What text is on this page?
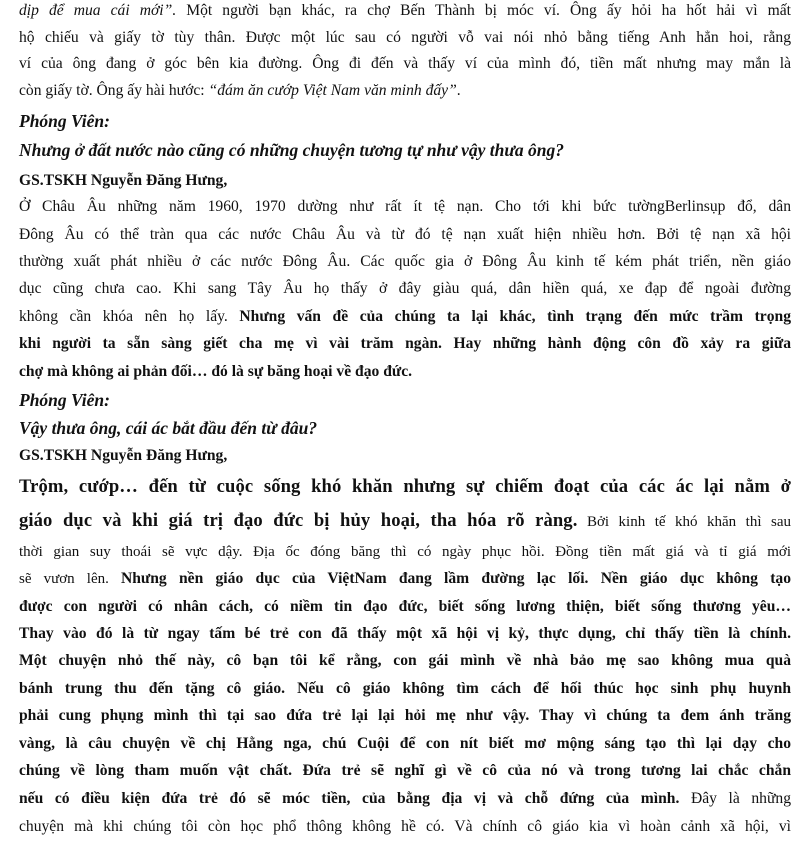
dịp để mua cái mới”. Một người bạn khác, ra chợ Bến Thành bị móc ví. Ông ấy hỏi ha hốt hải vì mất
hộ chiếu và giấy tờ tùy thân. Được một lúc sau có người vỗ vai nói nhỏ bằng tiếng Anh hẳn hoi, rằng
ví của ông đang ở góc bên kia đường. Ông đi đến và thấy ví của mình đó, tiền mất nhưng may mắn là
còn giấy tờ. Ông ấy hài hước: “đám ăn cướp Việt Nam văn minh đấy”.
Phóng Viên:
Nhưng ở đất nước nào cũng có những chuyện tương tự như vậy thưa ông?
GS.TSKH Nguyễn Đăng Hưng,
Ở Châu Âu những năm 1960, 1970 dường như rất ít tệ nạn. Cho tới khi bức tườngBerlinsụp đổ, dân
Đông Âu có thể tràn qua các nước Châu Âu và từ đó tệ nạn xuất hiện nhiều hơn. Bởi tệ nạn xã hội
thường xuất phát nhiều ở các nước Đông Âu. Các quốc gia ở Đông Âu kinh tế kém phát triển, nền giáo
dục cũng chưa cao. Khi sang Tây Âu họ thấy ở đây giàu quá, dân hiền quá, xe đạp để ngoài đường
không cần khóa nên họ lấy. Nhưng vấn đề của chúng ta lại khác, tình trạng đến mức trầm trọng
khi người ta sẵn sàng giết cha mẹ vì vài trăm ngàn. Hay những hành động côn đồ xảy ra giữa
chợ mà không ai phản đối… đó là sự băng hoại về đạo đức.
Phóng Viên:
Vậy thưa ông, cái ác bắt đầu đến từ đâu?
GS.TSKH Nguyễn Đăng Hưng,
Trộm, cướp… đến từ cuộc sống khó khăn nhưng sự chiếm đoạt của các ác lại nằm ở
giáo dục và khi giá trị đạo đức bị hủy hoại, tha hóa rõ ràng. Bởi kinh tế khó khăn thì sau
thời gian suy thoái sẽ vực dậy. Địa ốc đóng băng thì có ngày phục hồi. Đồng tiền mất giá và tỉ giá mới
sẽ vươn lên. Nhưng nền giáo dục của ViệtNam đang lầm đường lạc lối. Nền giáo dục không tạo
được con người có nhân cách, có niềm tin đạo đức, biết sống lương thiện, biết sống thương yêu…
Thay vào đó là từ ngay tấm bé trẻ con đã thấy một xã hội vị kỷ, thực dụng, chỉ thấy tiền là chính.
Một chuyện nhỏ thế này, cô bạn tôi kể rằng, con gái mình về nhà bảo mẹ sao không mua quà
bánh trung thu đến tặng cô giáo. Nếu cô giáo không tìm cách để hối thúc học sinh phụ huynh
phải cung phụng mình thì tại sao đứa trẻ lại lại hỏi mẹ như vậy. Thay vì chúng ta đem ánh trăng
vàng, là câu chuyện về chị Hằng nga, chú Cuội để con nít biết mơ mộng sáng tạo thì lại dạy cho
chúng về lòng tham muốn vật chất. Đứa trẻ sẽ nghĩ gì về cô của nó và trong tương lai chắc chắn
nếu có điều kiện đứa trẻ đó sẽ móc tiền, của bằng địa vị và chỗ đứng của mình. Đây là những
chuyện mà khi chúng tôi còn học phổ thông không hề có. Và chính cô giáo kia vì hoàn cảnh xã hội, vì
